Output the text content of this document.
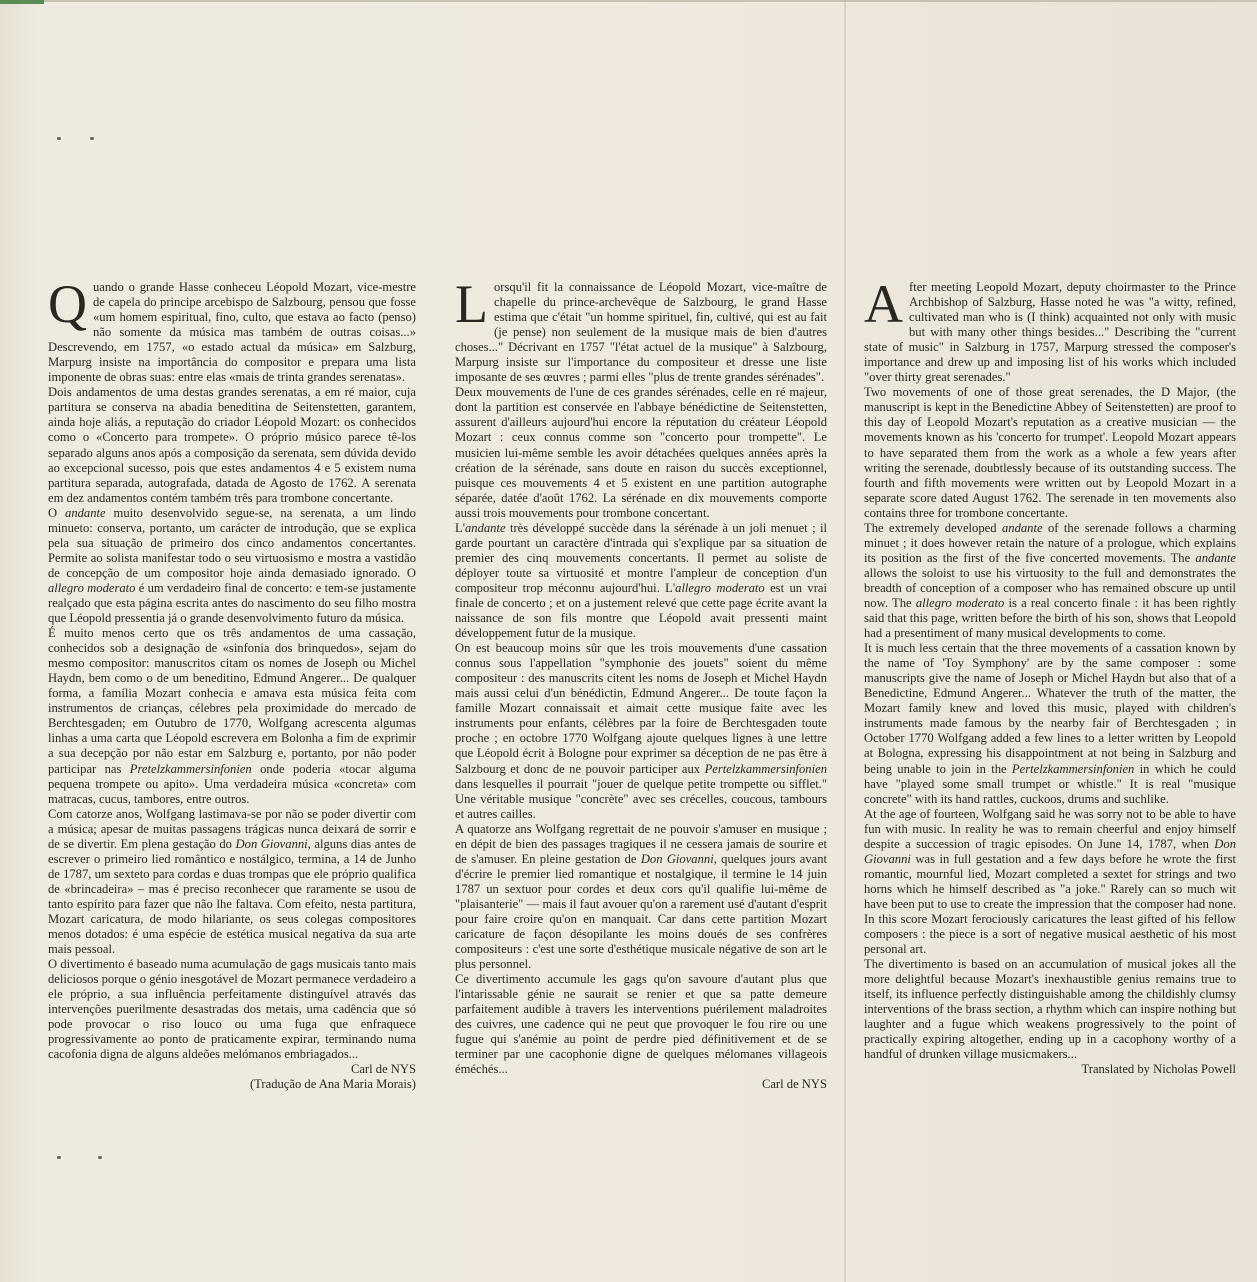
Quando o grande Hasse conheceu Léopold Mozart, vice-mestre de capela do principe arcebispo de Salzbourg, pensou que fosse «um homem espiritual, fino, culto, que estava ao facto (penso) não somente da música mas também de outras coisas...» Descrevendo, em 1757, «o estado actual da música» em Salzburg, Marpurg insiste na importância do compositor e prepara uma lista imponente de obras suas: entre elas «mais de trinta grandes serenatas».

Dois andamentos de uma destas grandes serenatas, a em ré maior, cuja partitura se conserva na abadia beneditina de Seitenstetten, garantem, ainda hoje aliás, a reputação do criador Léopold Mozart: os conhecidos como o «Concerto para trompete». O próprio músico parece tê-los separado alguns anos após a composição da serenata, sem dúvida devido ao excepcional sucesso, pois que estes andamentos 4 e 5 existem numa partitura separada, autografada, datada de Agosto de 1762. A serenata em dez andamentos contém também três para trombone concertante.

O andante muito desenvolvido segue-se, na serenata, a um lindo minueto: conserva, portanto, um carácter de introdução, que se explica pela sua situação de primeiro dos cinco andamentos concertantes. Permite ao solista manifestar todo o seu virtuosismo e mostra a vastidão de concepção de um compositor hoje ainda demasiado ignorado. O allegro moderato é um verdadeiro final de concerto: e tem-se justamente realçado que esta página escrita antes do nascimento do seu filho mostra que Léopold pressentia já o grande desenvolvimento futuro da música.

É muito menos certo que os três andamentos de uma cassação, conhecidos sob a designação de «sinfonia dos brinquedos», sejam do mesmo compositor: manuscritos citam os nomes de Joseph ou Michel Haydn, bem como o de um beneditino, Edmund Angerer... De qualquer forma, a família Mozart conhecia e amava esta música feita com instrumentos de crianças, célebres pela proximidade do mercado de Berchtesgaden; em Outubro de 1770, Wolfgang acrescenta algumas linhas a uma carta que Léopold escrevera em Bolonha a fim de exprimir a sua decepção por não estar em Salzburg e, portanto, por não poder participar nas Pretelzkammersinfonien onde poderia «tocar alguma pequena trompete ou apito». Uma verdadeira música «concreta» com matracas, cucus, tambores, entre outros.

Com catorze anos, Wolfgang lastimava-se por não se poder divertir com a música; apesar de muitas passagens trágicas nunca deixará de sorrir e de se divertir. Em plena gestação do Don Giovanni, alguns dias antes de escrever o primeiro lied romântico e nostálgico, termina, a 14 de Junho de 1787, um sexteto para cordas e duas trompas que ele próprio qualifica de «brincadeira» – mas é preciso reconhecer que raramente se usou de tanto espírito para fazer que não lhe faltava. Com efeito, nesta partitura, Mozart caricatura, de modo hilariante, os seus colegas compositores menos dotados: é uma espécie de estética musical negativa da sua arte mais pessoal.

O divertimento é baseado numa acumulação de gags musicais tanto mais deliciosos porque o génio inesgotável de Mozart permanece verdadeiro a ele próprio, a sua influência perfeitamente distinguível através das intervenções puerilmente desastradas dos metais, uma cadência que só pode provocar o riso louco ou uma fuga que enfraquece progressivamente ao ponto de praticamente expirar, terminando numa cacofonia digna de alguns aldeões melómanos embriagados...

Carl de NYS

(Tradução de Ana Maria Morais)

Lorsqu'il fit la connaissance de Léopold Mozart, vice-maître de chapelle du prince-archevêque de Salzbourg, le grand Hasse estima que c'était "un homme spirituel, fin, cultivé, qui est au fait (je pense) non seulement de la musique mais de bien d'autres choses..." Décrivant en 1757 "l'état actuel de la musique" à Salzbourg, Marpurg insiste sur l'importance du compositeur et dresse une liste imposante de ses œuvres ; parmi elles "plus de trente grandes sérénades".

Deux mouvements de l'une de ces grandes sérénades, celle en ré majeur, dont la partition est conservée en l'abbaye bénédictine de Seitenstetten, assurent d'ailleurs aujourd'hui encore la réputation du créateur Léopold Mozart : ceux connus comme son "concerto pour trompette". Le musicien lui-même semble les avoir détachées quelques années après la création de la sérénade, sans doute en raison du succès exceptionnel, puisque ces mouvements 4 et 5 existent en une partition autographe séparée, datée d'août 1762. La sérénade en dix mouvements comporte aussi trois mouvements pour trombone concertant.

L'andante très développé succède dans la sérénade à un joli menuet ; il garde pourtant un caractère d'intrada qui s'explique par sa situation de premier des cinq mouvements concertants. Il permet au soliste de déployer toute sa virtuosité et montre l'ampleur de conception d'un compositeur trop méconnu aujourd'hui. L'allegro moderato est un vrai finale de concerto ; et on a justement relevé que cette page écrite avant la naissance de son fils montre que Léopold avait pressenti maint développement futur de la musique.

On est beaucoup moins sûr que les trois mouvements d'une cassation connus sous l'appellation "symphonie des jouets" soient du même compositeur : des manuscrits citent les noms de Joseph et Michel Haydn mais aussi celui d'un bénédictin, Edmund Angerer... De toute façon la famille Mozart connaissait et aimait cette musique faite avec les instruments pour enfants, célèbres par la foire de Berchtesgaden toute proche ; en octobre 1770 Wolfgang ajoute quelques lignes à une lettre que Léopold écrit à Bologne pour exprimer sa déception de ne pas être à Salzbourg et donc de ne pouvoir participer aux Pertelzkammersinfonien dans lesquelles il pourrait "jouer de quelque petite trompette ou sifflet." Une véritable musique "concrète" avec ses crécelles, coucous, tambours et autres cailles.

A quatorze ans Wolfgang regrettait de ne pouvoir s'amuser en musique ; en dépit de bien des passages tragiques il ne cessera jamais de sourire et de s'amuser. En pleine gestation de Don Giovanni, quelques jours avant d'écrire le premier lied romantique et nostalgique, il termine le 14 juin 1787 un sextuor pour cordes et deux cors qu'il qualifie lui-même de "plaisanterie" — mais il faut avouer qu'on a rarement usé d'autant d'esprit pour faire croire qu'on en manquait. Car dans cette partition Mozart caricature de façon désopilante les moins doués de ses confrères compositeurs : c'est une sorte d'esthétique musicale négative de son art le plus personnel.

Ce divertimento accumule les gags qu'on savoure d'autant plus que l'intarissable génie ne saurait se renier et que sa patte demeure parfaitement audible à travers les interventions puérilement maladroites des cuivres, une cadence qui ne peut que provoquer le fou rire ou une fugue qui s'anémie au point de perdre pied définitivement et de se terminer par une cacophonie digne de quelques mélomanes villageois éméchés...

Carl de NYS

After meeting Leopold Mozart, deputy choirmaster to the Prince Archbishop of Salzburg, Hasse noted he was "a witty, refined, cultivated man who is (I think) acquainted not only with music but with many other things besides..." Describing the "current state of music" in Salzburg in 1757, Marpurg stressed the composer's importance and drew up and imposing list of his works which included "over thirty great serenades."

Two movements of one of those great serenades, the D Major, (the manuscript is kept in the Benedictine Abbey of Seitenstetten) are proof to this day of Leopold Mozart's reputation as a creative musician — the movements known as his 'concerto for trumpet'. Leopold Mozart appears to have separated them from the work as a whole a few years after writing the serenade, doubtlessly because of its outstanding success. The fourth and fifth movements were written out by Leopold Mozart in a separate score dated August 1762. The serenade in ten movements also contains three for trombone concertante.

The extremely developed andante of the serenade follows a charming minuet ; it does however retain the nature of a prologue, which explains its position as the first of the five concerted movements. The andante allows the soloist to use his virtuosity to the full and demonstrates the breadth of conception of a composer who has remained obscure up until now. The allegro moderato is a real concerto finale : it has been rightly said that this page, written before the birth of his son, shows that Leopold had a presentiment of many musical developments to come.

It is much less certain that the three movements of a cassation known by the name of 'Toy Symphony' are by the same composer : some manuscripts give the name of Joseph or Michel Haydn but also that of a Benedictine, Edmund Angerer... Whatever the truth of the matter, the Mozart family knew and loved this music, played with children's instruments made famous by the nearby fair of Berchtesgaden ; in October 1770 Wolfgang added a few lines to a letter written by Leopold at Bologna, expressing his disappointment at not being in Salzburg and being unable to join in the Pertelzkammersinfonien in which he could have "played some small trumpet or whistle." It is real "musique concrete" with its hand rattles, cuckoos, drums and suchlike.

At the age of fourteen, Wolfgang said he was sorry not to be able to have fun with music. In reality he was to remain cheerful and enjoy himself despite a succession of tragic episodes. On June 14, 1787, when Don Giovanni was in full gestation and a few days before he wrote the first romantic, mournful lied, Mozart completed a sextet for strings and two horns which he himself described as "a joke." Rarely can so much wit have been put to use to create the impression that the composer had none. In this score Mozart ferociously caricatures the least gifted of his fellow composers : the piece is a sort of negative musical aesthetic of his most personal art.

The divertimento is based on an accumulation of musical jokes all the more delightful because Mozart's inexhaustible genius remains true to itself, its influence perfectly distinguishable among the childishly clumsy interventions of the brass section, a rhythm which can inspire nothing but laughter and a fugue which weakens progressively to the point of practically expiring altogether, ending up in a cacophony worthy of a handful of drunken village musicmakers...

Translated by Nicholas Powell
